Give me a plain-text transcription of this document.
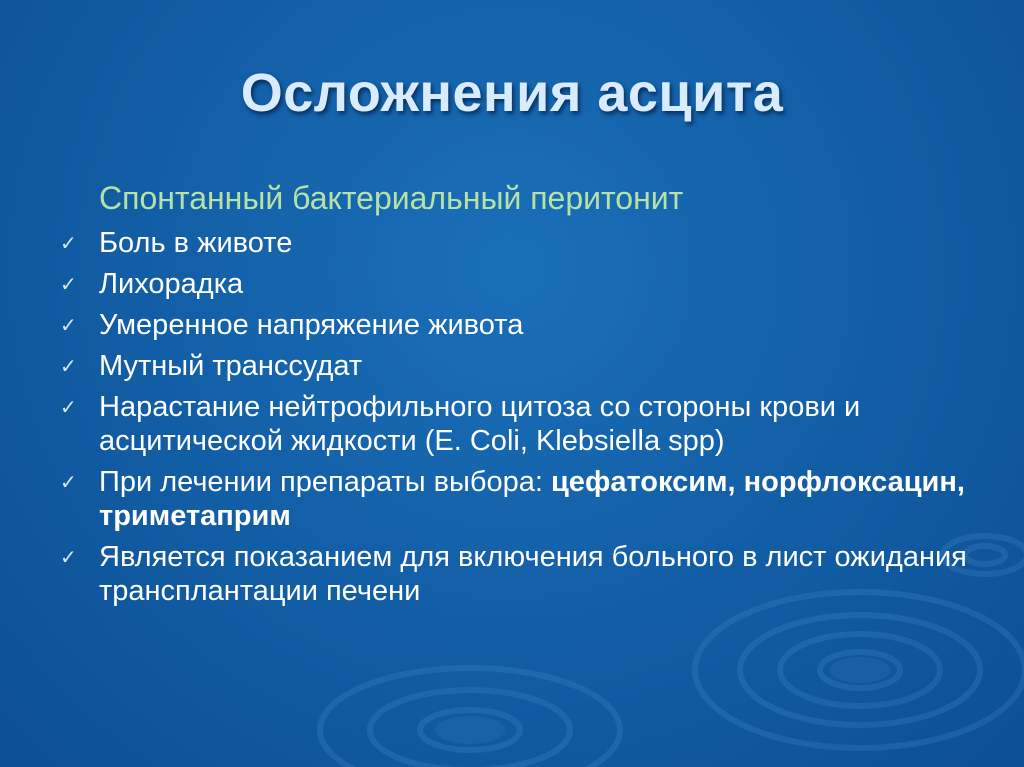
Осложнения асцита
Спонтанный бактериальный перитонит
✓ Боль в животе
✓ Лихорадка
✓ Умеренное напряжение живота
✓ Мутный транссудат
✓ Нарастание нейтрофильного цитоза со стороны крови и асцитической жидкости (E. Coli, Klebsiella spp)
✓ При лечении препараты выбора: цефатоксим, норфлоксацин, триметаприм
✓ Является показанием для включения больного в лист ожидания трансплантации печени
